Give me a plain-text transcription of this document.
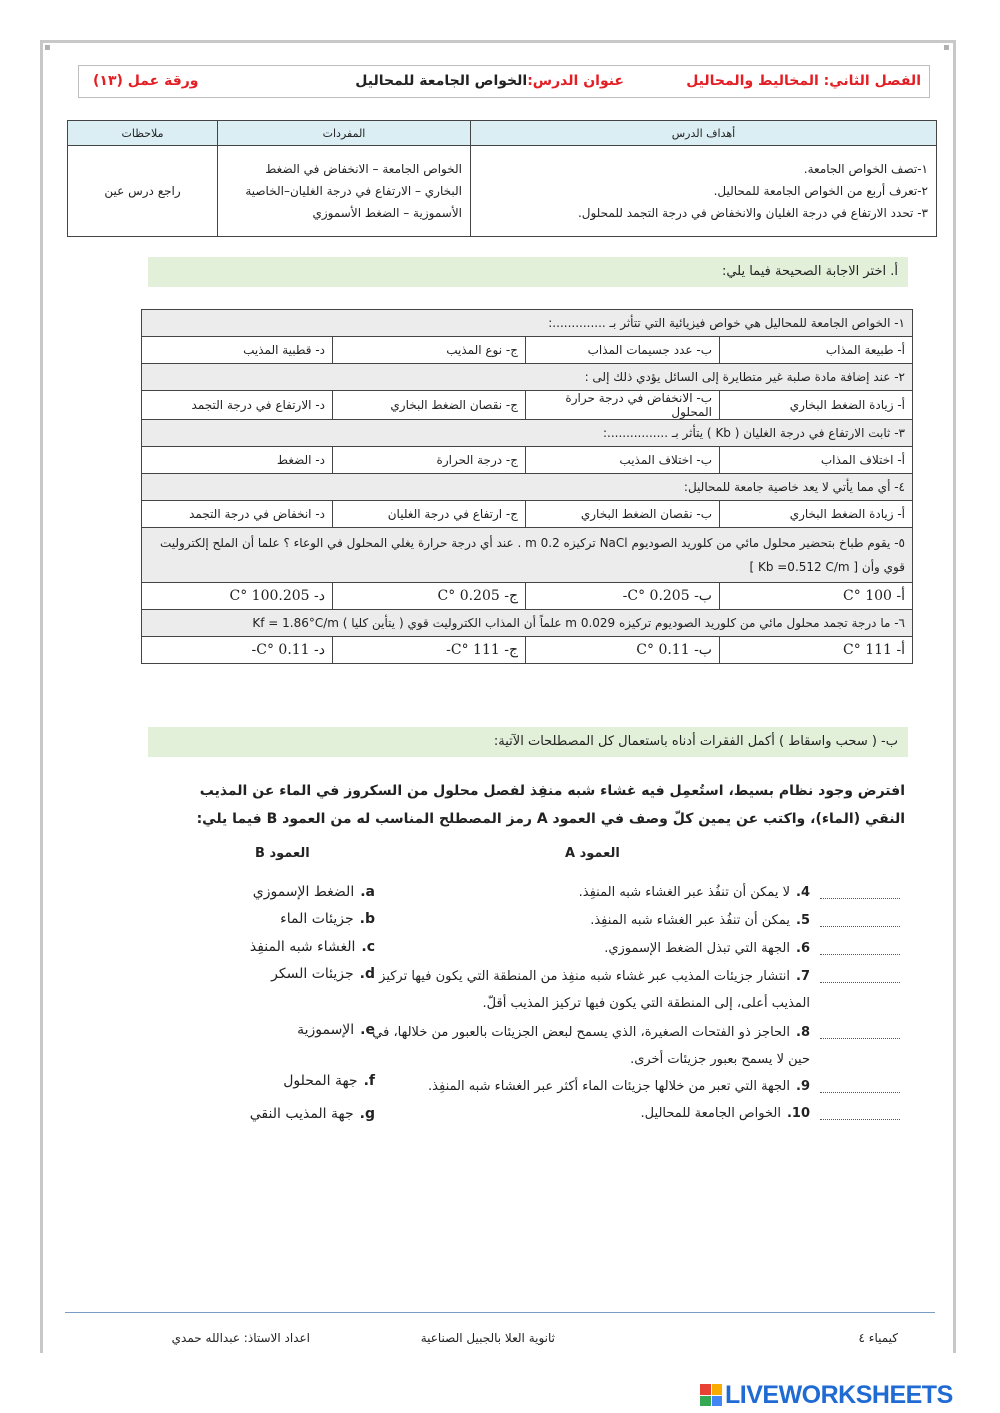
▪	▪
الفصل الثاني: المخاليط والمحاليل
عنوان الدرس:الخواص الجامعة للمحاليل
ورقة عمل (١٣)
أهداف الدرس	المفردات	ملاحظات

١-تصف الخواص الجامعة.
٢-تعرف أربع من الخواص الجامعة للمحاليل.
٣- تحدد الارتفاع في درجة الغليان والانخفاض في درجة التجمد للمحلول.	الخواص الجامعة – الانخفاض في الضغط البخاري – الارتفاع في درجة الغليان–الخاصية الأسموزية – الضغط الأسموزي	راجع درس عين
أ. اختر الاجابة الصحيحة فيما يلي:
١- الخواص الجامعة للمحاليل هي خواص فيزيائية التي تتأثر بـ ..............:			
أ- طبيعة المذاب	ب- عدد جسيمات المذاب	ج- نوع المذيب	د- قطبية المذيب
٢- عند إضافة مادة صلبة غير متطايرة إلى السائل يؤدي ذلك إلى :			
أ- زيادة الضغط البخاري	ب- الانخفاض في درجة حرارة المحلول	ج- نقصان الضغط البخاري	د- الارتفاع في درجة التجمد
٣- ثابت الارتفاع في درجة الغليان ( Kb ) يتأثر بـ ................:			
أ- اختلاف المذاب	ب- اختلاف المذيب	ج- درجة الحرارة	د- الضغط
٤- أي مما يأتي لا يعد خاصية جامعة للمحاليل:			
أ- زيادة الضغط البخاري	ب- نقصان الضغط البخاري	ج- ارتفاع في درجة الغليان	د- انخفاض في درجة التجمد
٥- يقوم طباخ بتحضير محلول مائي من كلوريد الصوديوم NaCl تركيزه 0.2 m . عند أي درجة حرارة يغلي المحلول في الوعاء ؟ علما أن الملح إلكتروليت قوي وأن [ Kb =0.512 C/m ]			
أ- 100 °C	ب- 0.205 °C-	ج- 0.205 °C	د- 100.205 °C
٦- ما درجة تجمد محلول مائي من كلوريد الصوديوم تركيزه 0.029 m علماً أن المذاب الكتروليت قوي ( يتأين كليا ) Kf = 1.86°C/m			
أ- 111 °C	ب- 0.11 °C	ج- 111 °C-	د- 0.11 °C-
ب- ( سحب واسقاط ) أكمل الفقرات أدناه باستعمال كل المصطلحات الآتية:
افترض وجود نظام بسيط، استُعمِل فيه غشاء شبه منفِذ لفصل محلول من السكروز في الماء عن المذيب النقي (الماء)، واكتب عن يمين كلّ وصف في العمود A رمز المصطلح المناسب له من العمود B فيما يلي:
العمود A
العمود B
4.لا يمكن أن تنفُذ عبر الغشاء شبه المنفِذ.
5.يمكن أن تنفُذ عبر الغشاء شبه المنفِذ.
6.الجهة التي تبذل الضغط الإسموزي.
7.انتشار جزيئات المذيب عبر غشاء شبه منفِذ من المنطقة التي يكون فيها تركيز المذيب أعلى، إلى المنطقة التي يكون فيها تركيز المذيب أقلّ.
8.الحاجز ذو الفتحات الصغيرة، الذي يسمح لبعض الجزيئات بالعبور من خلالها، في حين لا يسمح بعبور جزيئات أخرى.
9.الجهة التي تعبر من خلالها جزيئات الماء أكثر عبر الغشاء شبه المنفِذ.
10.الخواص الجامعة للمحاليل.
a.الضغط الإسموزي
b.جزيئات الماء
c.الغشاء شبه المنفِذ
d.جزيئات السكر
e.الإسموزية
f.جهة المحلول
g.جهة المذيب النقي
كيمياء ٤
ثانوية العلا بالجبيل الصناعية
اعداد الاستاذ: عبدالله حمدي
LIVEWORKSHEETS
